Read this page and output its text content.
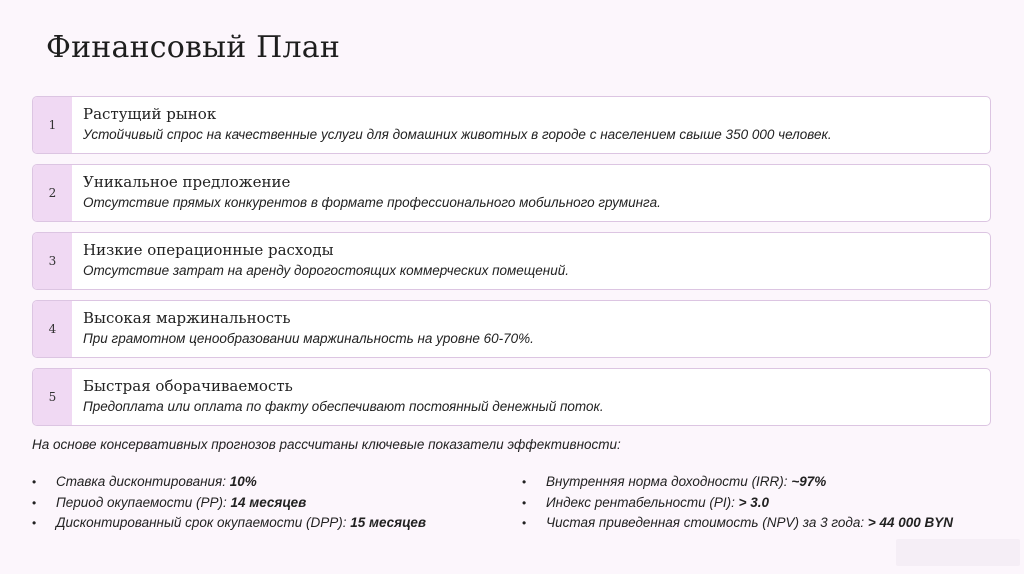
Финансовый План
1
Растущий рынок
Устойчивый спрос на качественные услуги для домашних животных в городе с населением свыше 350 000 человек.
2
Уникальное предложение
Отсутствие прямых конкурентов в формате профессионального мобильного груминга.
3
Низкие операционные расходы
Отсутствие затрат на аренду дорогостоящих коммерческих помещений.
4
Высокая маржинальность
При грамотном ценообразовании маржинальность на уровне 60-70%.
5
Быстрая оборачиваемость
Предоплата или оплата по факту обеспечивают постоянный денежный поток.
На основе консервативных прогнозов рассчитаны ключевые показатели эффективности:
• Ставка дисконтирования: 10%
• Период окупаемости (PP): 14 месяцев
• Дисконтированный срок окупаемости (DPP): 15 месяцев
• Внутренняя норма доходности (IRR): ~97%
• Индекс рентабельности (PI): > 3.0
• Чистая приведенная стоимость (NPV) за 3 года: > 44 000 BYN
